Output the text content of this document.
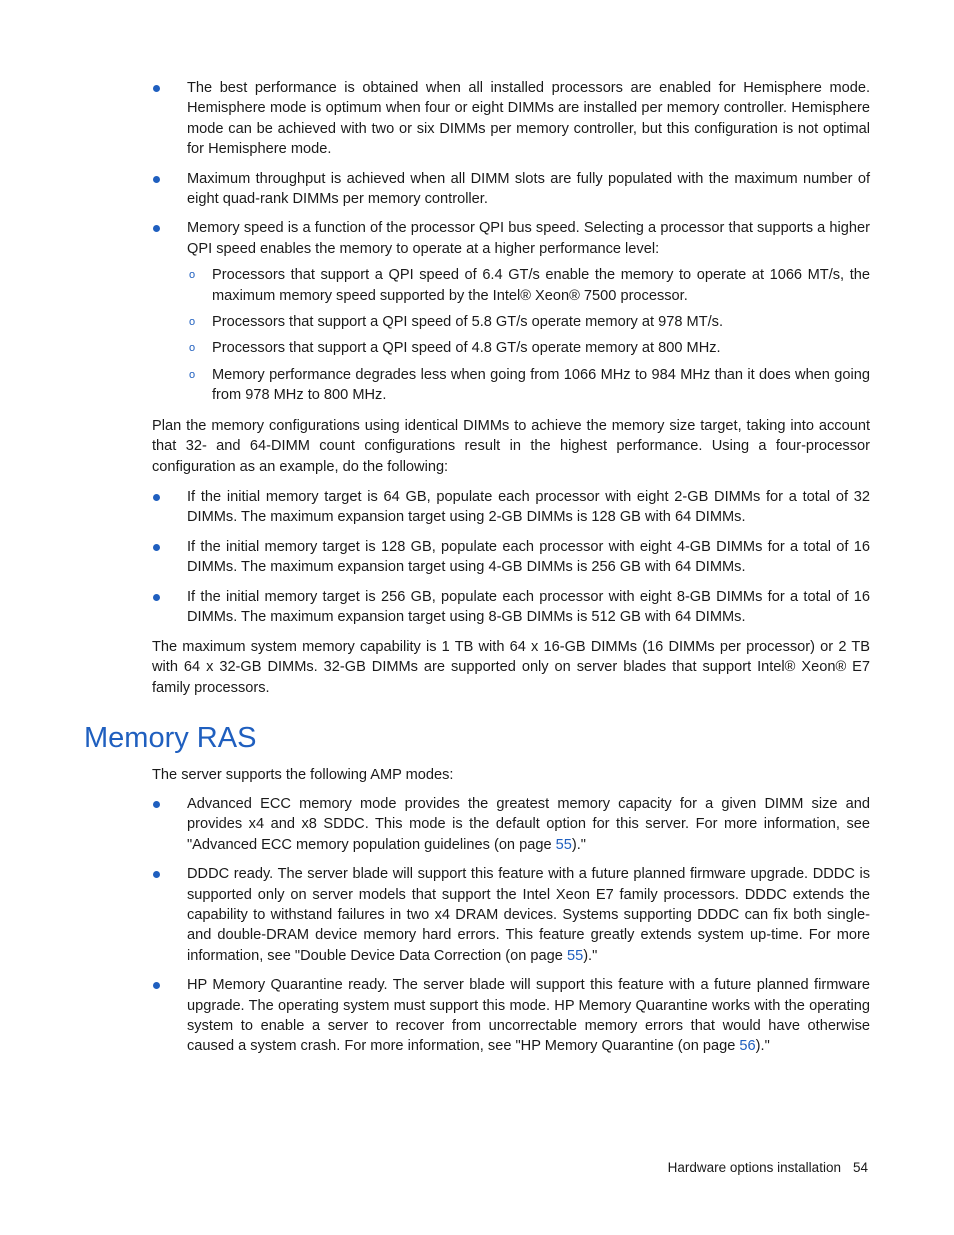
The best performance is obtained when all installed processors are enabled for Hemisphere mode. Hemisphere mode is optimum when four or eight DIMMs are installed per memory controller. Hemisphere mode can be achieved with two or six DIMMs per memory controller, but this configuration is not optimal for Hemisphere mode.

Maximum throughput is achieved when all DIMM slots are fully populated with the maximum number of eight quad-rank DIMMs per memory controller.

Memory speed is a function of the processor QPI bus speed. Selecting a processor that supports a higher QPI speed enables the memory to operate at a higher performance level:

o Processors that support a QPI speed of 6.4 GT/s enable the memory to operate at 1066 MT/s, the maximum memory speed supported by the Intel® Xeon® 7500 processor.

o Processors that support a QPI speed of 5.8 GT/s operate memory at 978 MT/s.

o Processors that support a QPI speed of 4.8 GT/s operate memory at 800 MHz.

o Memory performance degrades less when going from 1066 MHz to 984 MHz than it does when going from 978 MHz to 800 MHz.

Plan the memory configurations using identical DIMMs to achieve the memory size target, taking into account that 32- and 64-DIMM count configurations result in the highest performance. Using a four-processor configuration as an example, do the following:

If the initial memory target is 64 GB, populate each processor with eight 2-GB DIMMs for a total of 32 DIMMs. The maximum expansion target using 2-GB DIMMs is 128 GB with 64 DIMMs.

If the initial memory target is 128 GB, populate each processor with eight 4-GB DIMMs for a total of 16 DIMMs. The maximum expansion target using 4-GB DIMMs is 256 GB with 64 DIMMs.

If the initial memory target is 256 GB, populate each processor with eight 8-GB DIMMs for a total of 16 DIMMs. The maximum expansion target using 8-GB DIMMs is 512 GB with 64 DIMMs.

The maximum system memory capability is 1 TB with 64 x 16-GB DIMMs (16 DIMMs per processor) or 2 TB with 64 x 32-GB DIMMs. 32-GB DIMMs are supported only on server blades that support Intel® Xeon® E7 family processors.

Memory RAS

The server supports the following AMP modes:

Advanced ECC memory mode provides the greatest memory capacity for a given DIMM size and provides x4 and x8 SDDC. This mode is the default option for this server. For more information, see "Advanced ECC memory population guidelines (on page 55)."

DDDC ready. The server blade will support this feature with a future planned firmware upgrade. DDDC is supported only on server models that support the Intel Xeon E7 family processors. DDDC extends the capability to withstand failures in two x4 DRAM devices. Systems supporting DDDC can fix both single- and double-DRAM device memory hard errors. This feature greatly extends system up-time. For more information, see "Double Device Data Correction (on page 55)."

HP Memory Quarantine ready. The server blade will support this feature with a future planned firmware upgrade. The operating system must support this mode. HP Memory Quarantine works with the operating system to enable a server to recover from uncorrectable memory errors that would have otherwise caused a system crash. For more information, see "HP Memory Quarantine (on page 56)."

Hardware options installation 54
